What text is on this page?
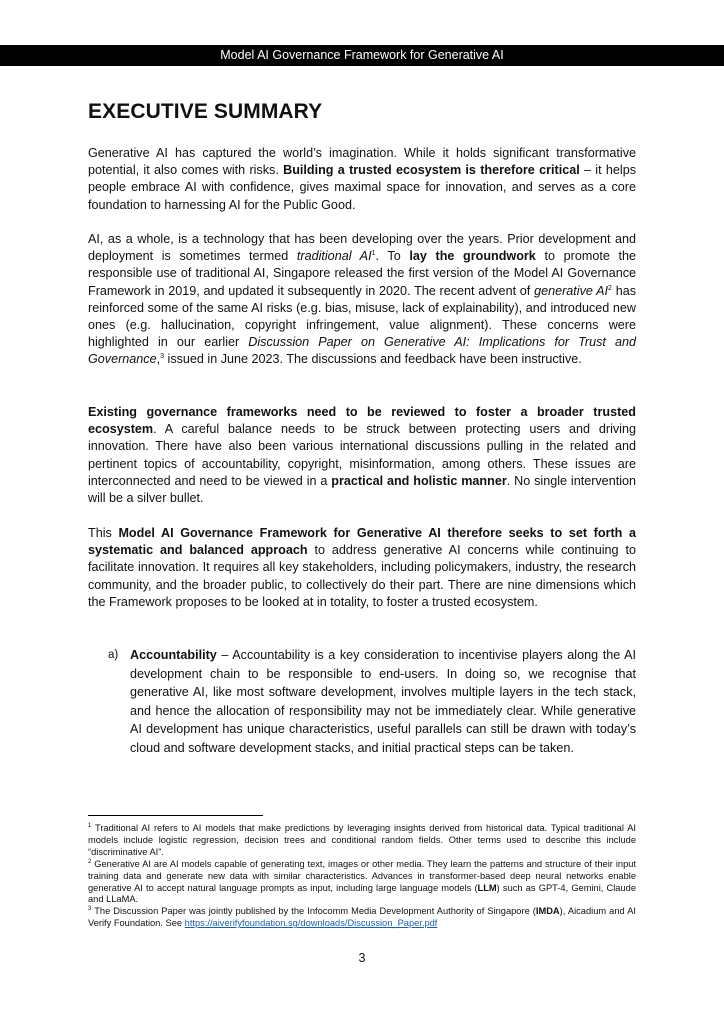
Model AI Governance Framework for Generative AI
EXECUTIVE SUMMARY

Generative AI has captured the world’s imagination. While it holds significant transformative potential, it also comes with risks. Building a trusted ecosystem is therefore critical – it helps people embrace AI with confidence, gives maximal space for innovation, and serves as a core foundation to harnessing AI for the Public Good.

AI, as a whole, is a technology that has been developing over the years. Prior development and deployment is sometimes termed traditional $AI^1$. To lay the groundwork to promote the responsible use of traditional AI, Singapore released the first version of the Model AI Governance Framework in 2019, and updated it subsequently in 2020. The recent advent of generative $AI^2$ has reinforced some of the same AI risks (e.g. bias, misuse, lack of explainability), and introduced new ones (e.g. hallucination, copyright infringement, value alignment). These concerns were highlighted in our earlier Discussion Paper on Generative AI: Implications for Trust and Governance,$^3$ issued in June 2023. The discussions and feedback have been instructive.

Existing governance frameworks need to be reviewed to foster a broader trusted ecosystem. A careful balance needs to be struck between protecting users and driving innovation. There have also been various international discussions pulling in the related and pertinent topics of accountability, copyright, misinformation, among others. These issues are interconnected and need to be viewed in a practical and holistic manner. No single intervention will be a silver bullet.

This Model AI Governance Framework for Generative AI therefore seeks to set forth a systematic and balanced approach to address generative AI concerns while continuing to facilitate innovation. It requires all key stakeholders, including policymakers, industry, the research community, and the broader public, to collectively do their part. There are nine dimensions which the Framework proposes to be looked at in totality, to foster a trusted ecosystem.

a) Accountability – Accountability is a key consideration to incentivise players along the AI development chain to be responsible to end-users. In doing so, we recognise that generative AI, like most software development, involves multiple layers in the tech stack, and hence the allocation of responsibility may not be immediately clear. While generative AI development has unique characteristics, useful parallels can still be drawn with today’s cloud and software development stacks, and initial practical steps can be taken.

$^1$ Traditional AI refers to AI models that make predictions by leveraging insights derived from historical data. Typical traditional AI models include logistic regression, decision trees and conditional random fields. Other terms used to describe this include “discriminative AI”.

$^2$ Generative AI are AI models capable of generating text, images or other media. They learn the patterns and structure of their input training data and generate new data with similar characteristics. Advances in transformer-based deep neural networks enable generative AI to accept natural language prompts as input, including large language models (LLM) such as GPT-4, Gemini, Claude and LLaMA.

$^3$ The Discussion Paper was jointly published by the Infocomm Media Development Authority of Singapore (IMDA), Aicadium and AI Verify Foundation. See https://aiverifyfoundation.sg/downloads/Discussion_Paper.pdf

3
